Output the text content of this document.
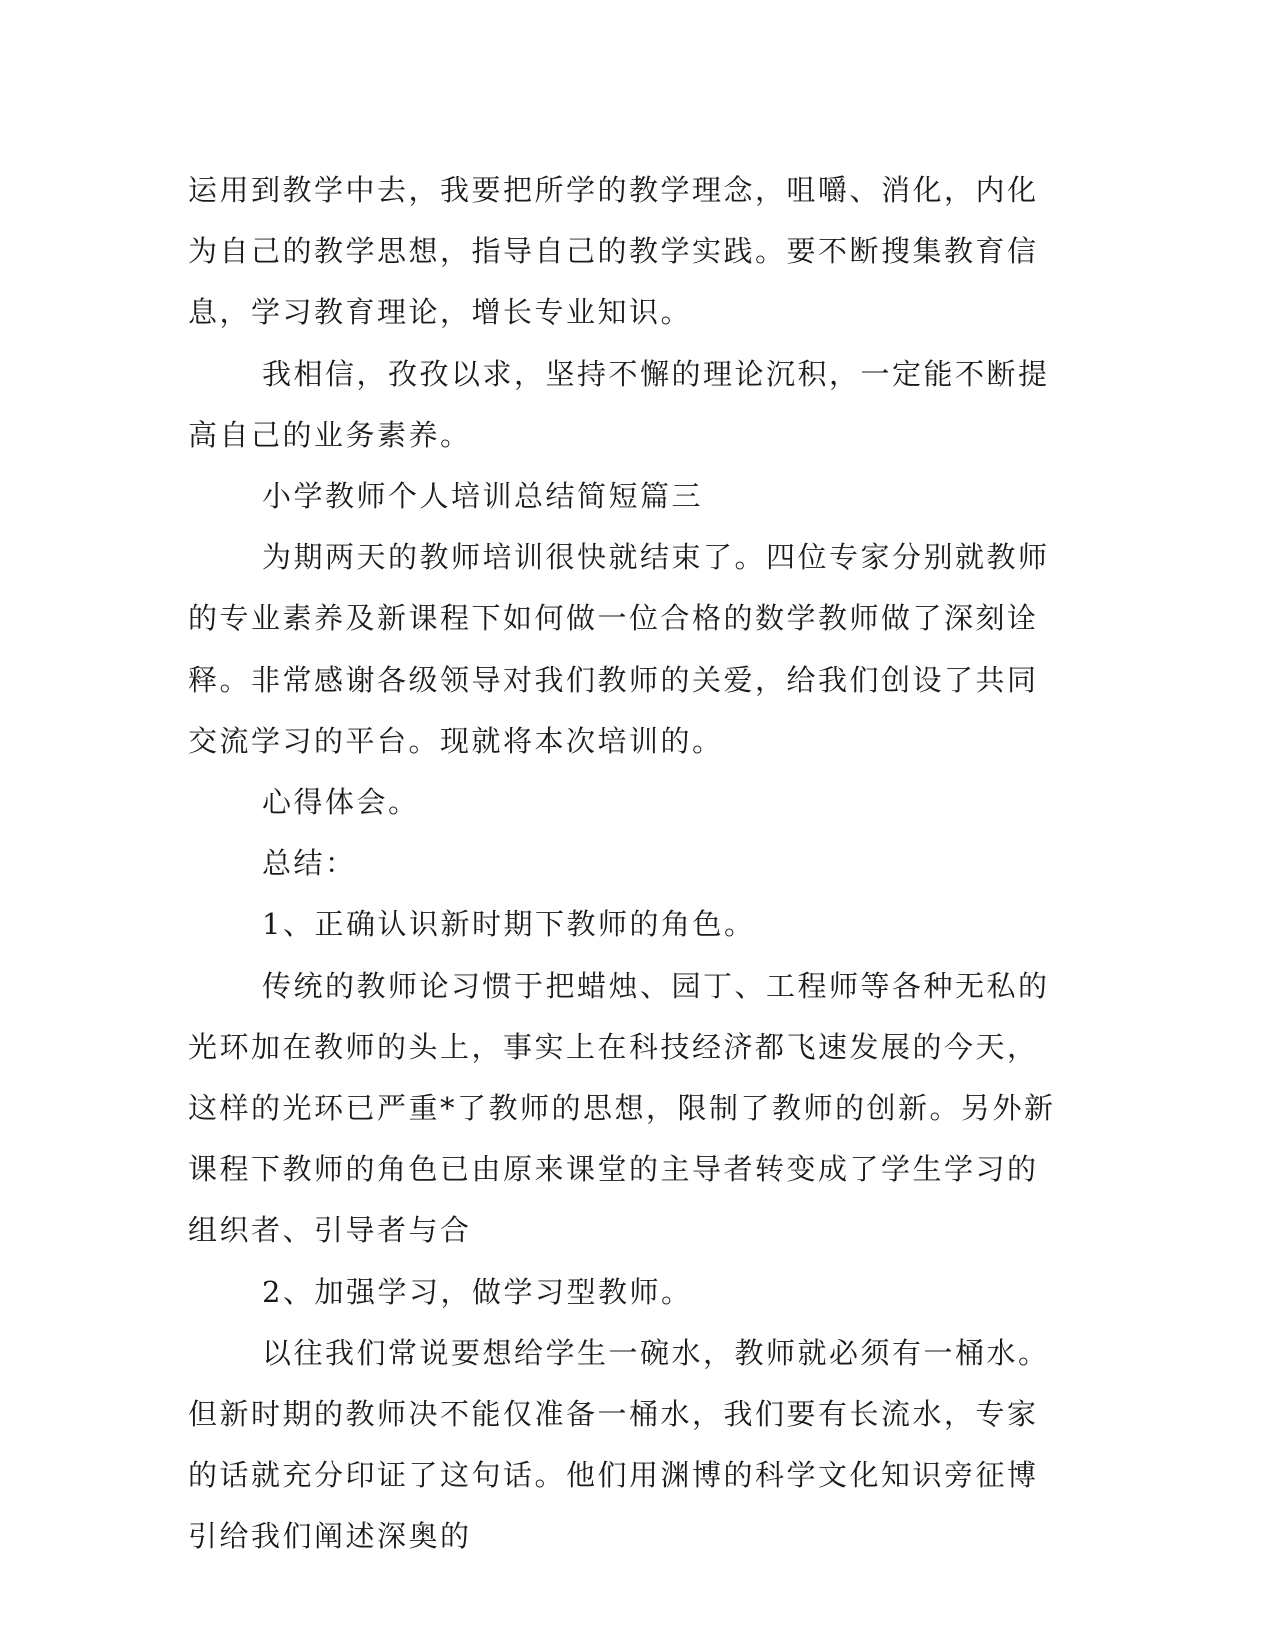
运用到教学中去，我要把所学的教学理念，咀嚼、消化，内化为自己的教学思想，指导自己的教学实践。要不断搜集教育信息，学习教育理论，增长专业知识。

我相信，孜孜以求，坚持不懈的理论沉积，一定能不断提高自己的业务素养。

小学教师个人培训总结简短篇三

为期两天的教师培训很快就结束了。四位专家分别就教师的专业素养及新课程下如何做一位合格的数学教师做了深刻诠释。非常感谢各级领导对我们教师的关爱，给我们创设了共同交流学习的平台。现就将本次培训的。

心得体会。

总结：

1、正确认识新时期下教师的角色。

传统的教师论习惯于把蜡烛、园丁、工程师等各种无私的光环加在教师的头上，事实上在科技经济都飞速发展的今天，这样的光环已严重*了教师的思想，限制了教师的创新。另外新课程下教师的角色已由原来课堂的主导者转变成了学生学习的组织者、引导者与合

2、加强学习，做学习型教师。

以往我们常说要想给学生一碗水，教师就必须有一桶水。但新时期的教师决不能仅准备一桶水，我们要有长流水，专家的话就充分印证了这句话。他们用渊博的科学文化知识旁征博引给我们阐述深奥的
